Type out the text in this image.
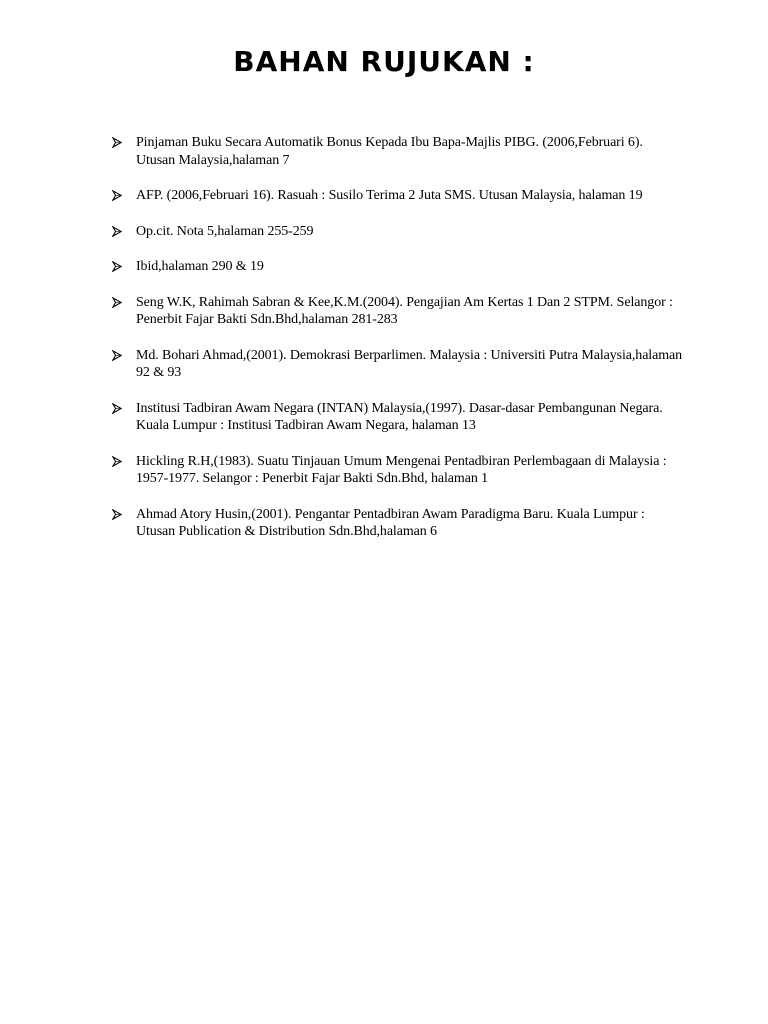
BAHAN RUJUKAN :
Pinjaman Buku Secara Automatik Bonus Kepada Ibu Bapa-Majlis PIBG. (2006,Februari 6). Utusan Malaysia,halaman 7
AFP. (2006,Februari 16). Rasuah : Susilo Terima 2 Juta SMS. Utusan Malaysia, halaman 19
Op.cit. Nota 5,halaman 255-259
Ibid,halaman 290 & 19
Seng W.K, Rahimah Sabran & Kee,K.M.(2004). Pengajian Am Kertas 1 Dan 2 STPM. Selangor : Penerbit Fajar Bakti Sdn.Bhd,halaman 281-283
Md. Bohari Ahmad,(2001). Demokrasi Berparlimen. Malaysia : Universiti Putra Malaysia,halaman 92 & 93
Institusi Tadbiran Awam Negara (INTAN) Malaysia,(1997). Dasar-dasar Pembangunan Negara. Kuala Lumpur : Institusi Tadbiran Awam Negara, halaman 13
Hickling R.H,(1983). Suatu Tinjauan Umum Mengenai Pentadbiran Perlembagaan di Malaysia : 1957-1977. Selangor : Penerbit Fajar Bakti Sdn.Bhd, halaman 1
Ahmad Atory Husin,(2001). Pengantar Pentadbiran Awam Paradigma Baru. Kuala Lumpur : Utusan Publication & Distribution Sdn.Bhd,halaman 6
